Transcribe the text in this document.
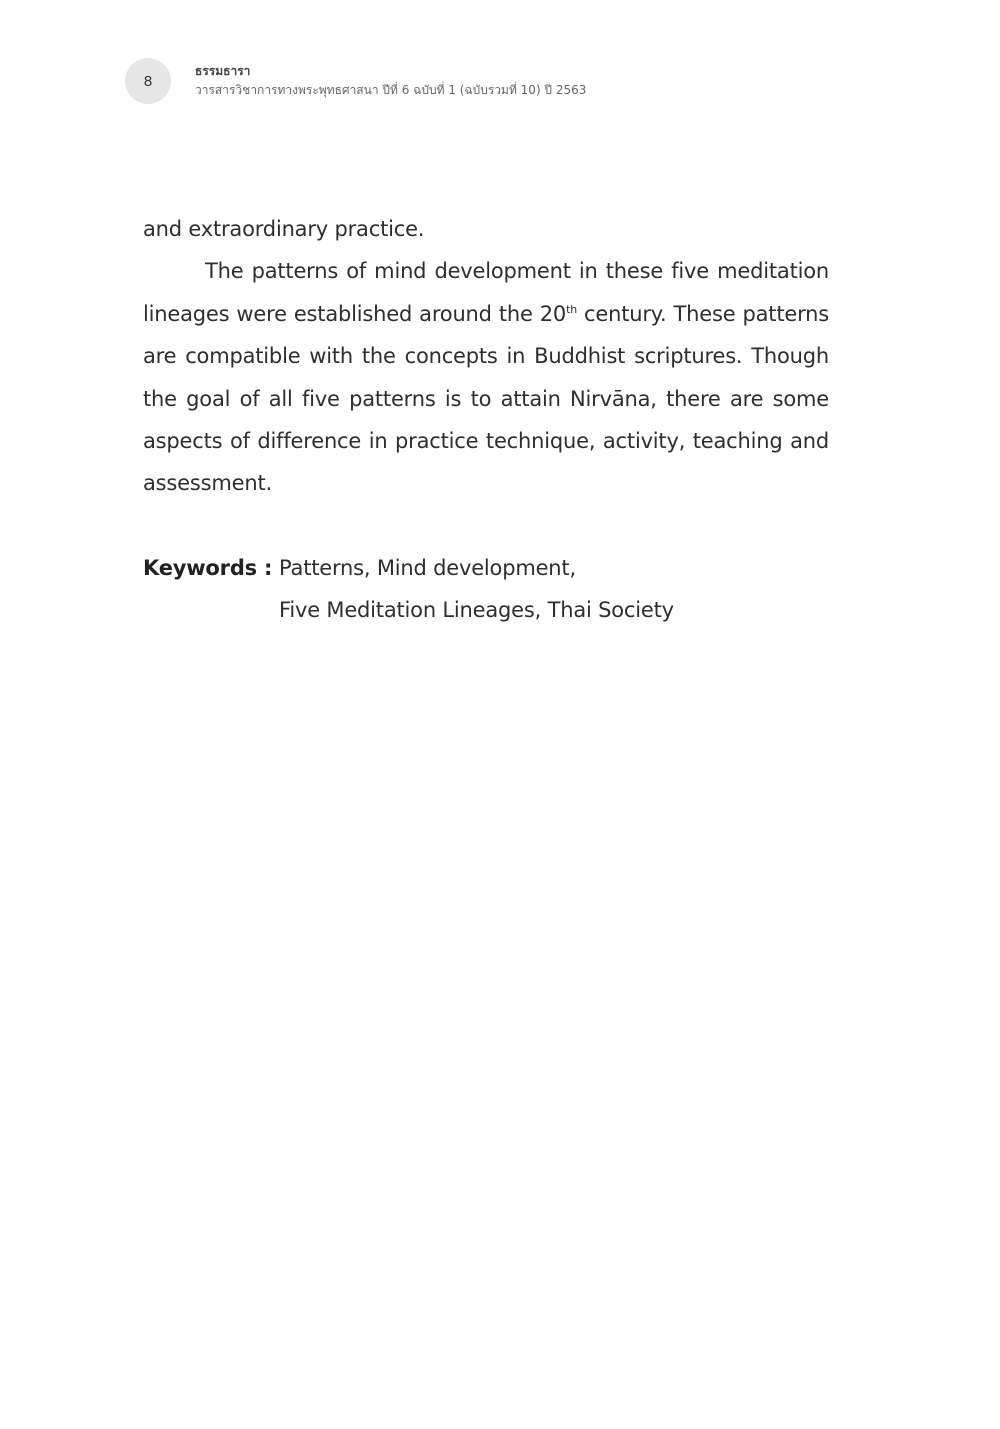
8
ธรรมธารา
วารสารวิชาการทางพระพุทธศาสนา ปีที่ 6 ฉบับที่ 1 (ฉบับรวมที่ 10) ปี 2563

and extraordinary practice.

The patterns of mind development in these five meditation lineages were established around the 20th century. These patterns are compatible with the concepts in Buddhist scriptures. Though the goal of all five patterns is to attain Nirvāna, there are some aspects of difference in practice technique, activity, teaching and assessment.

Keywords : Patterns, Mind development,
Five Meditation Lineages, Thai Society
